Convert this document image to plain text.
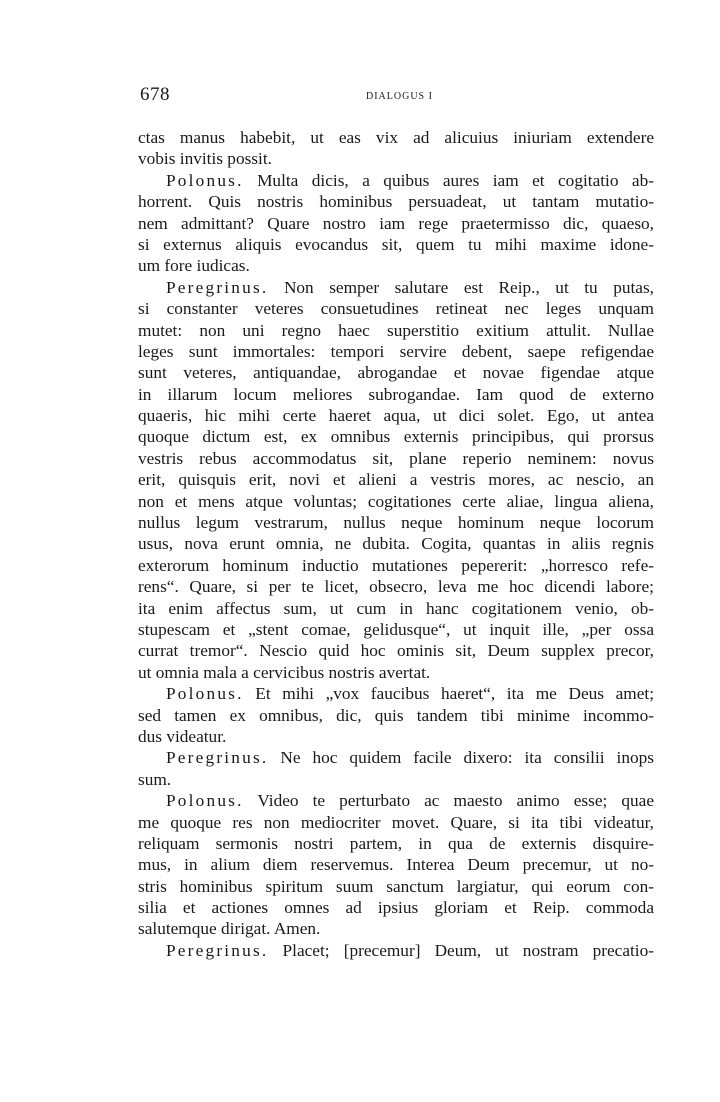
678	DIALOGUS I
ctas manus habebit, ut eas vix ad alicuius iniuriam extendere
vobis invitis possit.
Polonus. Multa dicis, a quibus aures iam et cogitatio ab-
horrent. Quis nostris hominibus persuadeat, ut tantam mutatio-
nem admittant? Quare nostro iam rege praetermisso dic, quaeso,
si externus aliquis evocandus sit, quem tu mihi maxime idone-
um fore iudicas.
Peregrinus. Non semper salutare est Reip., ut tu putas,
si constanter veteres consuetudines retineat nec leges unquam
mutet: non uni regno haec superstitio exitium attulit. Nullae
leges sunt immortales: tempori servire debent, saepe refigendae
sunt veteres, antiquandae, abrogandae et novae figendae atque
in illarum locum meliores subrogandae. Iam quod de externo
quaeris, hic mihi certe haeret aqua, ut dici solet. Ego, ut antea
quoque dictum est, ex omnibus externis principibus, qui prorsus
vestris rebus accommodatus sit, plane reperio neminem: novus
erit, quisquis erit, novi et alieni a vestris mores, ac nescio, an
non et mens atque voluntas; cogitationes certe aliae, lingua aliena,
nullus legum vestrarum, nullus neque hominum neque locorum
usus, nova erunt omnia, ne dubita. Cogita, quantas in aliis regnis
exterorum hominum inductio mutationes pepererit: „horresco refe-
rens“. Quare, si per te licet, obsecro, leva me hoc dicendi labore;
ita enim affectus sum, ut cum in hanc cogitationem venio, ob-
stupescam et „stent comae, gelidusque“, ut inquit ille, „per ossa
currat tremor“. Nescio quid hoc ominis sit, Deum supplex precor,
ut omnia mala a cervicibus nostris avertat.
Polonus. Et mihi „vox faucibus haeret“, ita me Deus amet;
sed tamen ex omnibus, dic, quis tandem tibi minime incommo-
dus videatur.
Peregrinus. Ne hoc quidem facile dixero: ita consilii inops
sum.
Polonus. Video te perturbato ac maesto animo esse; quae
me quoque res non mediocriter movet. Quare, si ita tibi videatur,
reliquam sermonis nostri partem, in qua de externis disquire-
mus, in alium diem reservemus. Interea Deum precemur, ut no-
stris hominibus spiritum suum sanctum largiatur, qui eorum con-
silia et actiones omnes ad ipsius gloriam et Reip. commoda
salutemque dirigat. Amen.
Peregrinus. Placet; [precemur] Deum, ut nostram precatio-
